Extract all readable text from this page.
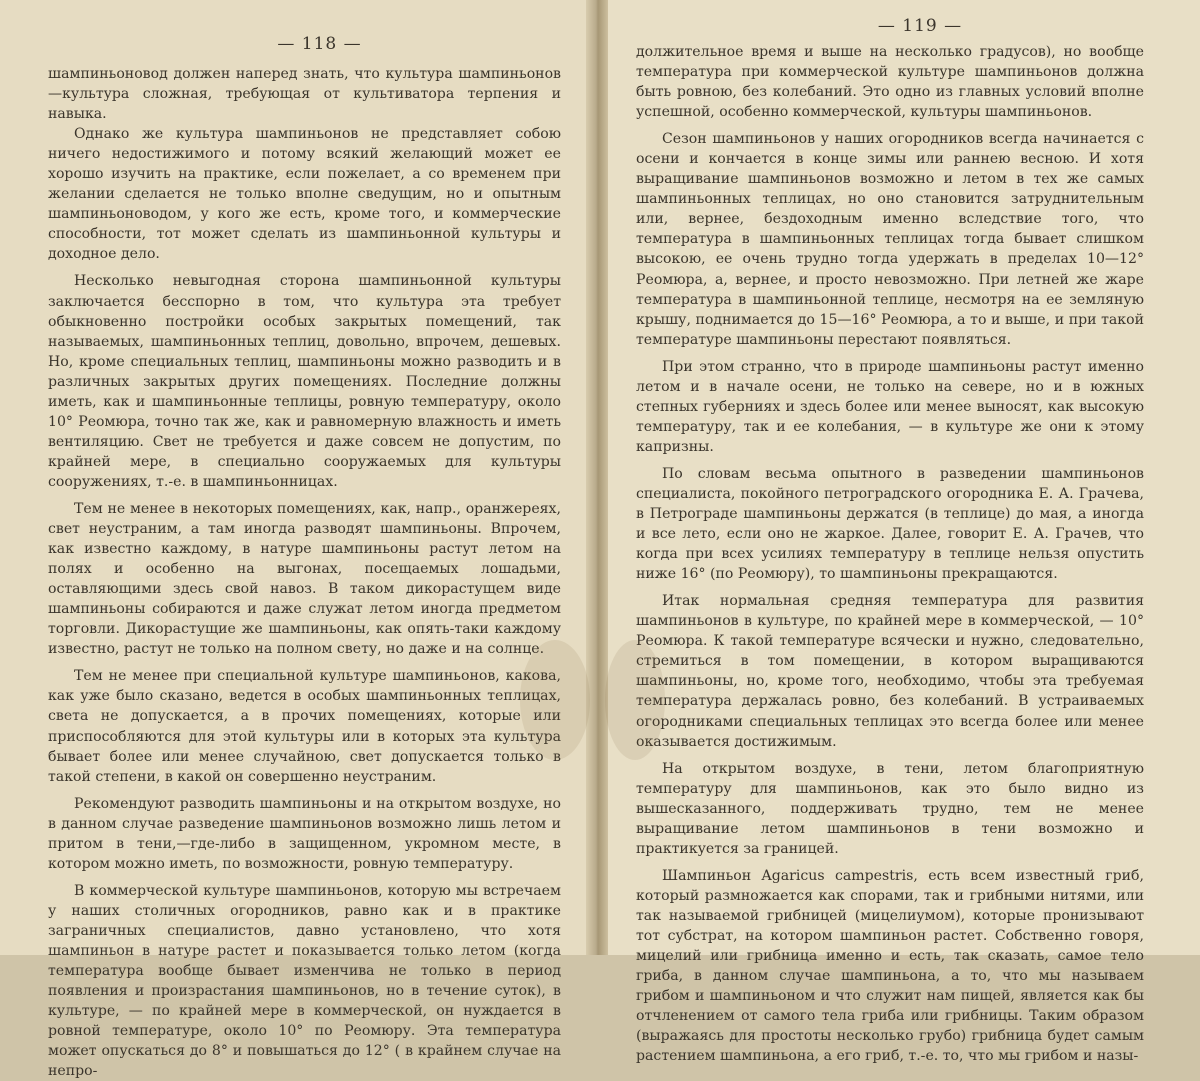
— 118 —

шампиньоновод должен наперед знать, что культура шампиньонов—культура сложная, требующая от культиватора терпения и навыка.

Однако же культура шампиньонов не представляет собою ничего недостижимого и потому всякий желающий может ее хорошо изучить на практике, если пожелает, а со временем при желании сделается не только вполне сведущим, но и опытным шампиньоноводом, у кого же есть, кроме того, и коммерческие способности, тот может сделать из шампиньонной культуры и доходное дело.

Несколько невыгодная сторона шампиньонной культуры заключается бесспорно в том, что культура эта требует обыкновенно постройки особых закрытых помещений, так называемых, шампиньонных теплиц, довольно, впрочем, дешевых. Но, кроме специальных теплиц, шампиньоны можно разводить и в различных закрытых других помещениях. Последние должны иметь, как и шампиньонные теплицы, ровную температуру, около 10° Реомюра, точно так же, как и равномерную влажность и иметь вентиляцию. Свет не требуется и даже совсем не допустим, по крайней мере, в специально сооружаемых для культуры сооружениях, т.-е. в шампиньонницах.

Тем не менее в некоторых помещениях, как, напр., оранжереях, свет неустраним, а там иногда разводят шампиньоны. Впрочем, как известно каждому, в натуре шампиньоны растут летом на полях и особенно на выгонах, посещаемых лошадьми, оставляющими здесь свой навоз. В таком дикорастущем виде шампиньоны собираются и даже служат летом иногда предметом торговли. Дикорастущие же шампиньоны, как опять-таки каждому известно, растут не только на полном свету, но даже и на солнце.

Тем не менее при специальной культуре шампиньонов, какова, как уже было сказано, ведется в особых шампиньонных теплицах, света не допускается, а в прочих помещениях, которые или приспособляются для этой культуры или в которых эта культура бывает более или менее случайною, свет допускается только в такой степени, в какой он совершенно неустраним.

Рекомендуют разводить шампиньоны и на открытом воздухе, но в данном случае разведение шампиньонов возможно лишь летом и притом в тени,—где-либо в защищенном, укромном месте, в котором можно иметь, по возможности, ровную температуру.

В коммерческой культуре шампиньонов, которую мы встречаем у наших столичных огородников, равно как и в практике заграничных специалистов, давно установлено, что хотя шампиньон в натуре растет и показывается только летом (когда температура вообще бывает изменчива не только в период появления и произрастания шампиньонов, но в течение суток), в культуре, — по крайней мере в коммерческой, он нуждается в ровной температуре, около 10° по Реомюру. Эта температура может опускаться до 8° и повышаться до 12° ( в крайнем случае на непро-

— 119 —

должительное время и выше на несколько градусов), но вообще температура при коммерческой культуре шампиньонов должна быть ровною, без колебаний. Это одно из главных условий вполне успешной, особенно коммерческой, культуры шампиньонов.

Сезон шампиньонов у наших огородников всегда начинается с осени и кончается в конце зимы или раннею весною. И хотя выращивание шампиньонов возможно и летом в тех же самых шампиньонных теплицах, но оно становится затруднительным или, вернее, бездоходным именно вследствие того, что температура в шампиньонных теплицах тогда бывает слишком высокою, ее очень трудно тогда удержать в пределах 10—12° Реомюра, а, вернее, и просто невозможно. При летней же жаре температура в шампиньонной теплице, несмотря на ее земляную крышу, поднимается до 15—16° Реомюра, а то и выше, и при такой температуре шампиньоны перестают появляться.

При этом странно, что в природе шампиньоны растут именно летом и в начале осени, не только на севере, но и в южных степных губерниях и здесь более или менее выносят, как высокую температуру, так и ее колебания, — в культуре же они к этому капризны.

По словам весьма опытного в разведении шампиньонов специалиста, покойного петроградского огородника Е. А. Грачева, в Петрограде шампиньоны держатся (в теплице) до мая, а иногда и все лето, если оно не жаркое. Далее, говорит Е. А. Грачев, что когда при всех усилиях температуру в теплице нельзя опустить ниже 16° (по Реомюру), то шампиньоны прекращаются.

Итак нормальная средняя температура для развития шампиньонов в культуре, по крайней мере в коммерческой, — 10° Реомюра. К такой температуре всячески и нужно, следовательно, стремиться в том помещении, в котором выращиваются шампиньоны, но, кроме того, необходимо, чтобы эта требуемая температура держалась ровно, без колебаний. В устраиваемых огородниками специальных теплицах это всегда более или менее оказывается достижимым.

На открытом воздухе, в тени, летом благоприятную температуру для шампиньонов, как это было видно из вышесказанного, поддерживать трудно, тем не менее выращивание летом шампиньонов в тени возможно и практикуется за границей.

Шампиньон Agaricus campestris, есть всем известный гриб, который размножается как спорами, так и грибными нитями, или так называемой грибницей (мицелиумом), которые пронизывают тот субстрат, на котором шампиньон растет. Собственно говоря, мицелий или грибница именно и есть, так сказать, самое тело гриба, в данном случае шампиньона, а то, что мы называем грибом и шампиньоном и что служит нам пищей, является как бы отчленением от самого тела гриба или грибницы. Таким образом (выражаясь для простоты несколько грубо) грибница будет самым растением шампиньона, а его гриб, т.-е. то, что мы грибом и назы-
